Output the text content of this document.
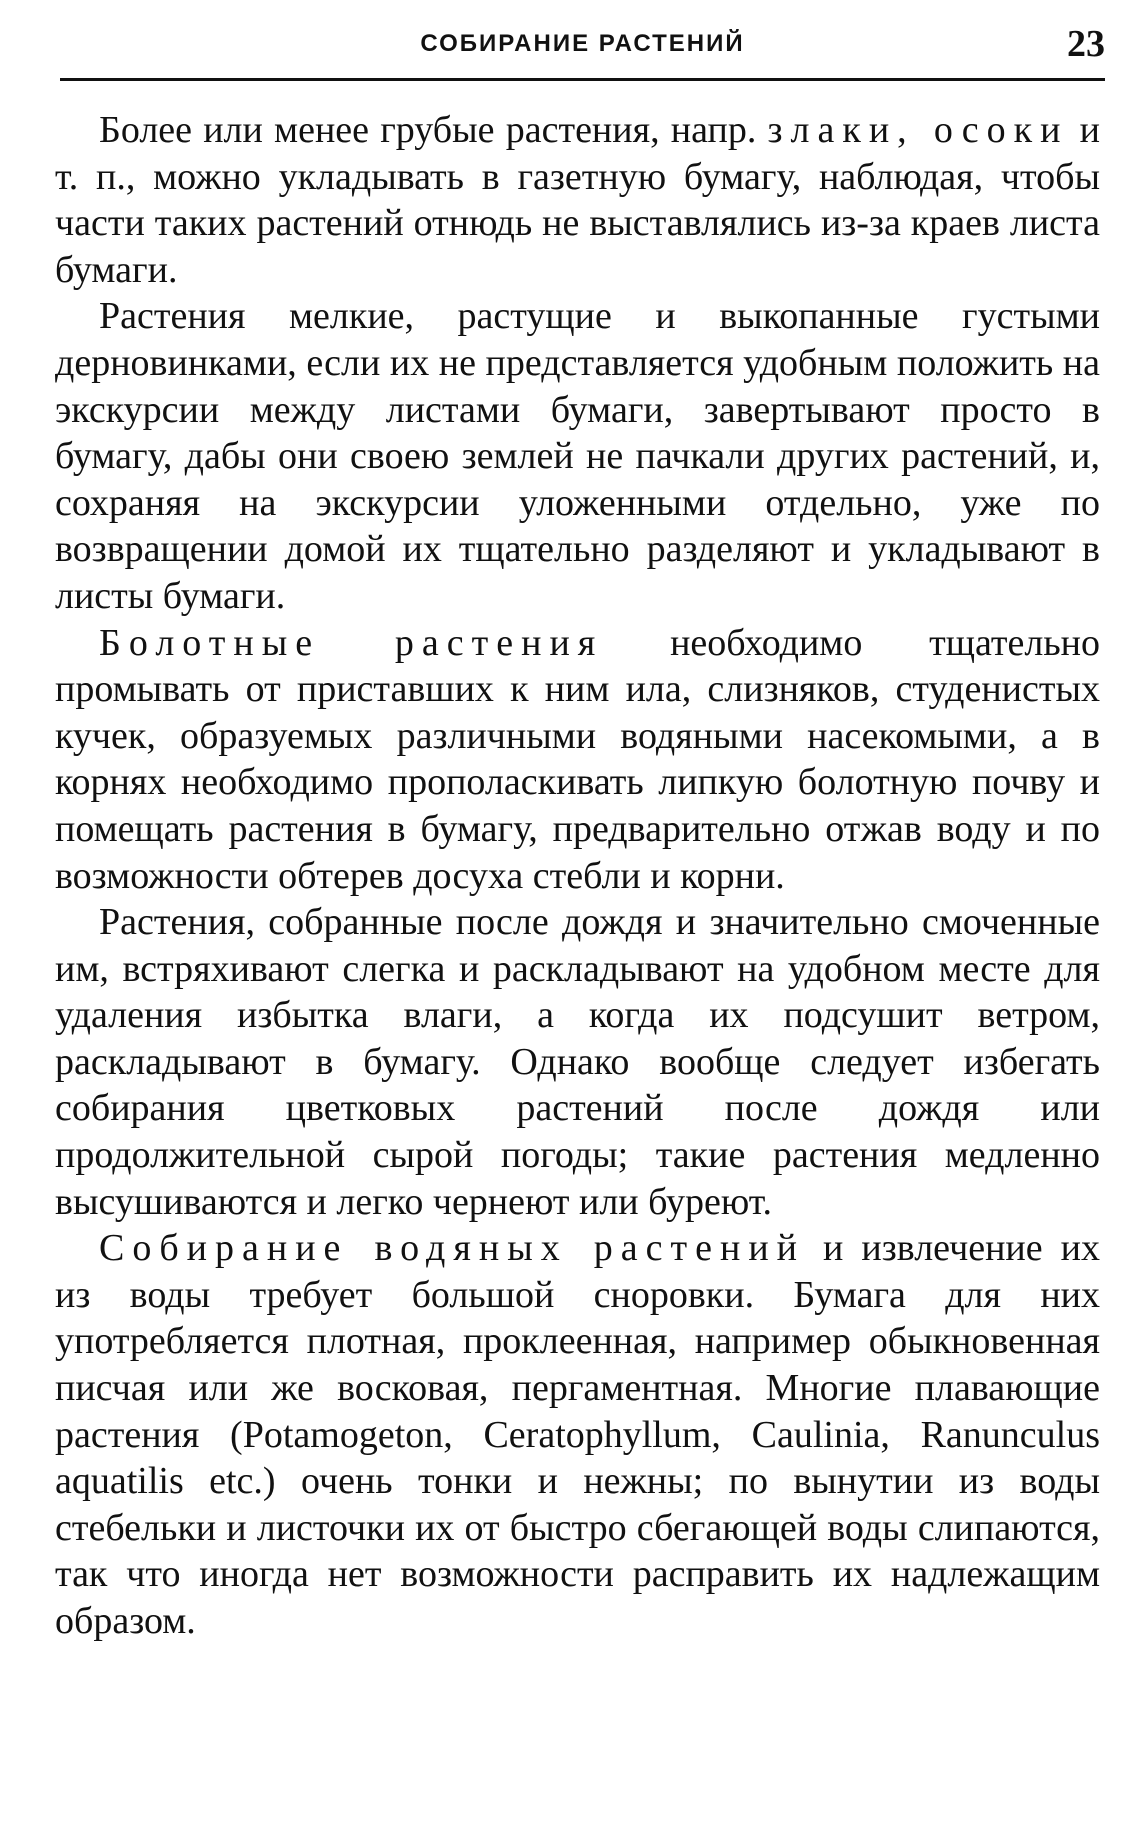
СОБИРАНИЕ РАСТЕНИЙ	23

Более или менее грубые растения, напр. злаки, осоки и т. п., можно укладывать в газетную бумагу, наблюдая, чтобы части таких растений отнюдь не выставлялись из-за краев листа бумаги.

Растения мелкие, растущие и выкопанные густыми дерновинками, если их не представляется удобным положить на экскурсии между листами бумаги, завертывают просто в бумагу, дабы они своею землей не пачкали других растений, и, сохраняя на экскурсии уложенными отдельно, уже по возвращении домой их тщательно разделяют и укладывают в листы бумаги.

Болотные растения необходимо тщательно промывать от приставших к ним ила, слизняков, студенистых кучек, образуемых различными водяными насекомыми, а в корнях необходимо прополаскивать липкую болотную почву и помещать растения в бумагу, предварительно отжав воду и по возможности обтерев досуха стебли и корни.

Растения, собранные после дождя и значительно смоченные им, встряхивают слегка и раскладывают на удобном месте для удаления избытка влаги, а когда их подсушит ветром, раскладывают в бумагу. Однако вообще следует избегать собирания цветковых растений после дождя или продолжительной сырой погоды; такие растения медленно высушиваются и легко чернеют или буреют.

Собирание водяных растений и извлечение их из воды требует большой сноровки. Бумага для них употребляется плотная, проклеенная, например обыкновенная писчая или же восковая, пергаментная. Многие плавающие растения (Potamogeton, Ceratophyllum, Caulinia, Ranunculus aquatilis etc.) очень тонки и нежны; по вынутии из воды стебельки и листочки их от быстро сбегающей воды слипаются, так что иногда нет возможности расправить их надлежащим образом.
